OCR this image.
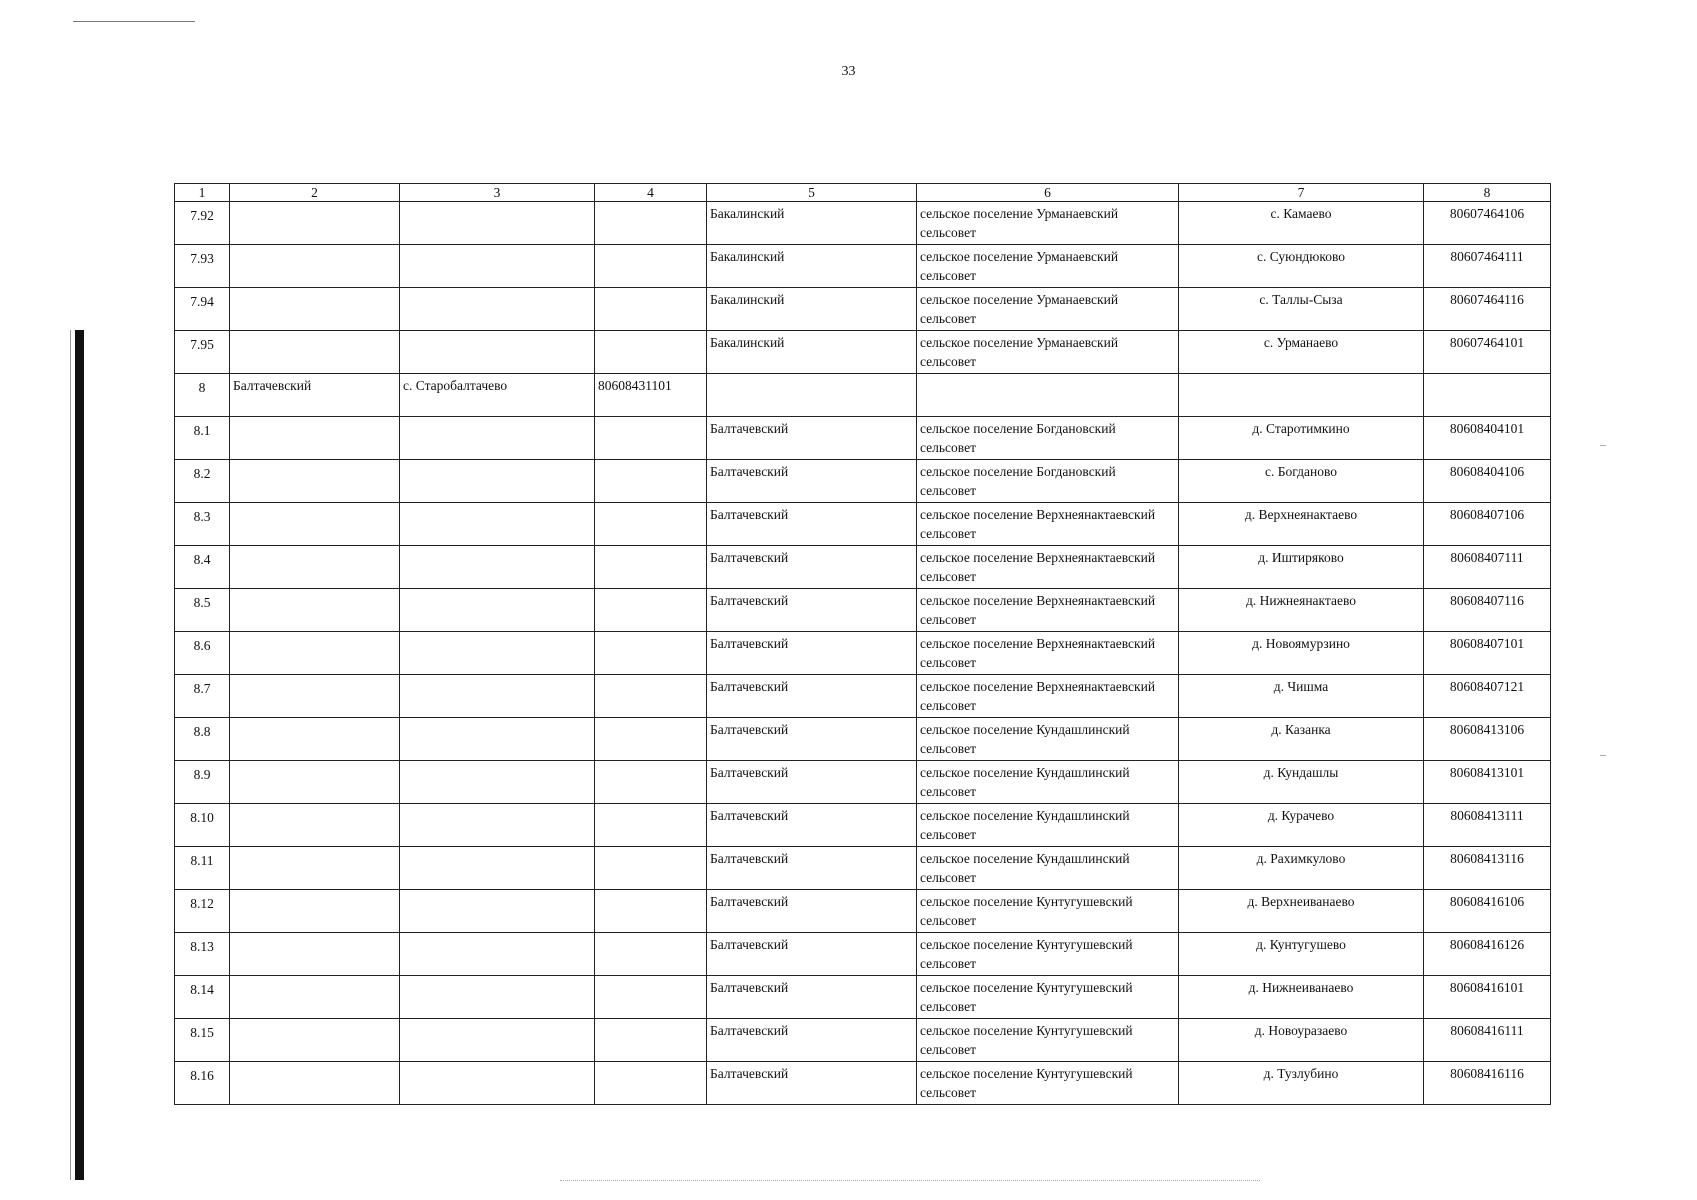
33
1	2	3	4	5	6	7	8
7.92				Бакалинский	сельское поселение Урманаевский сельсовет	с. Камаево	80607464106
7.93				Бакалинский	сельское поселение Урманаевский сельсовет	с. Суюндюково	80607464111
7.94				Бакалинский	сельское поселение Урманаевский сельсовет	с. Таллы-Сыза	80607464116
7.95				Бакалинский	сельское поселение Урманаевский сельсовет	с. Урманаево	80607464101
8	Балтачевский	с. Старобалтачево	80608431101				
8.1				Балтачевский	сельское поселение Богдановский сельсовет	д. Старотимкино	80608404101
8.2				Балтачевский	сельское поселение Богдановский сельсовет	с. Богданово	80608404106
8.3				Балтачевский	сельское поселение Верхнеянактаевский сельсовет	д. Верхнеянактаево	80608407106
8.4				Балтачевский	сельское поселение Верхнеянактаевский сельсовет	д. Иштиряково	80608407111
8.5				Балтачевский	сельское поселение Верхнеянактаевский сельсовет	д. Нижнеянактаево	80608407116
8.6				Балтачевский	сельское поселение Верхнеянактаевский сельсовет	д. Новоямурзино	80608407101
8.7				Балтачевский	сельское поселение Верхнеянактаевский сельсовет	д. Чишма	80608407121
8.8				Балтачевский	сельское поселение Кундашлинский сельсовет	д. Казанка	80608413106
8.9				Балтачевский	сельское поселение Кундашлинский сельсовет	д. Кундашлы	80608413101
8.10				Балтачевский	сельское поселение Кундашлинский сельсовет	д. Курачево	80608413111
8.11				Балтачевский	сельское поселение Кундашлинский сельсовет	д. Рахимкулово	80608413116
8.12				Балтачевский	сельское поселение Кунтугушевский сельсовет	д. Верхнеиванаево	80608416106
8.13				Балтачевский	сельское поселение Кунтугушевский сельсовет	д. Кунтугушево	80608416126
8.14				Балтачевский	сельское поселение Кунтугушевский сельсовет	д. Нижнеиванаево	80608416101
8.15				Балтачевский	сельское поселение Кунтугушевский сельсовет	д. Новоуразаево	80608416111
8.16				Балтачевский	сельское поселение Кунтугушевский сельсовет	д. Тузлубино	80608416116
